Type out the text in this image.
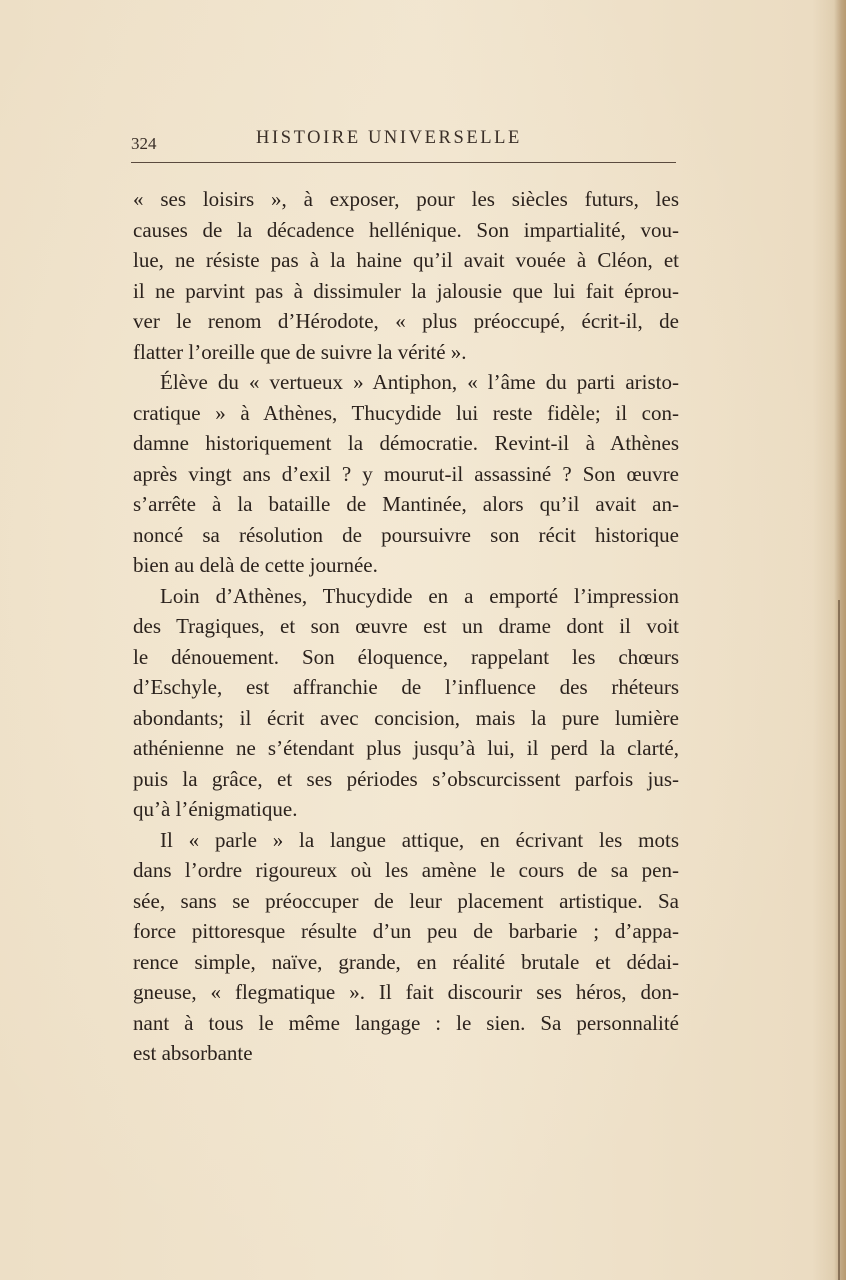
324	HISTOIRE UNIVERSELLE
« ses loisirs », à exposer, pour les siècles futurs, les
causes de la décadence hellénique. Son impartialité, vou-
lue, ne résiste pas à la haine qu’il avait vouée à Cléon, et
il ne parvint pas à dissimuler la jalousie que lui fait éprou-
ver le renom d’Hérodote, « plus préoccupé, écrit-il, de
flatter l’oreille que de suivre la vérité ».
Élève du « vertueux » Antiphon, « l’âme du parti aristo-
cratique » à Athènes, Thucydide lui reste fidèle; il con-
damne historiquement la démocratie. Revint-il à Athènes
après vingt ans d’exil ? y mourut-il assassiné ? Son œuvre
s’arrête à la bataille de Mantinée, alors qu’il avait an-
noncé sa résolution de poursuivre son récit historique
bien au delà de cette journée.
Loin d’Athènes, Thucydide en a emporté l’impression
des Tragiques, et son œuvre est un drame dont il voit
le dénouement. Son éloquence, rappelant les chœurs
d’Eschyle, est affranchie de l’influence des rhéteurs
abondants; il écrit avec concision, mais la pure lumière
athénienne ne s’étendant plus jusqu’à lui, il perd la clarté,
puis la grâce, et ses périodes s’obscurcissent parfois jus-
qu’à l’énigmatique.
Il « parle » la langue attique, en écrivant les mots
dans l’ordre rigoureux où les amène le cours de sa pen-
sée, sans se préoccuper de leur placement artistique. Sa
force pittoresque résulte d’un peu de barbarie ; d’appa-
rence simple, naïve, grande, en réalité brutale et dédai-
gneuse, « flegmatique ». Il fait discourir ses héros, don-
nant à tous le même langage : le sien. Sa personnalité
est absorbante
